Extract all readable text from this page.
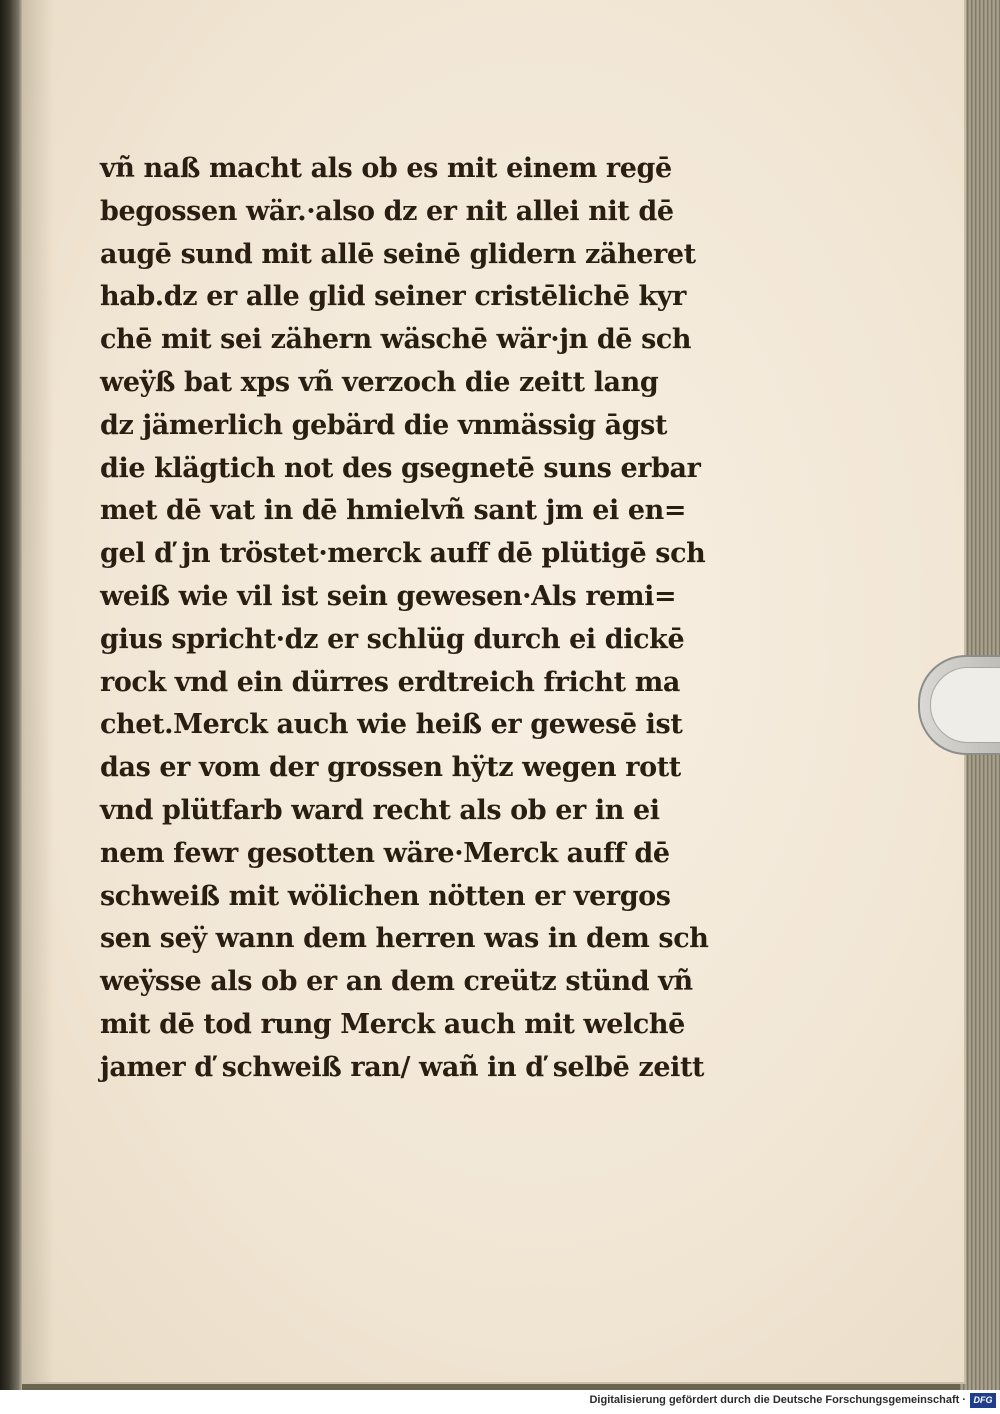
vñ naß macht als ob es mit einem regē
begossen wär.·also dz er nit allei nit dē
augē sund mit allē seinē glidern zäheret
hab.dz er alle glid seiner cristēlichē kyr
chē mit sei zähern wäschē wär·jn dē sch
weÿß bat xps vñ verzoch die zeitt lang
dz jämerlich gebärd die vnmässig āgst
die klägtich not des gsegnetē suns erbar
met dē vat in dē hmielvñ sant jm ei en=
gel ď jn tröstet·merck auff dē plütigē sch
weiß wie vil ist sein gewesen·Als remi=
gius spricht·dz er schlüg durch ei dickē
rock vnd ein dürres erdtreich fricht ma
chet.Merck auch wie heiß er gewesē ist
das er vom der grossen hÿtz wegen rott
vnd plütfarb ward recht als ob er in ei
nem fewr gesotten wäre·Merck auff dē
schweiß mit wölichen nötten er vergos
sen seÿ wann dem herren was in dem sch
weÿsse als ob er an dem creütz stünd vñ
mit dē tod rung Merck auch mit welchē
jamer ď schweiß ran/ wañ in ď selbē zeitt
Digitalisierung gefördert durch die Deutsche Forschungsgemeinschaft · DFG
